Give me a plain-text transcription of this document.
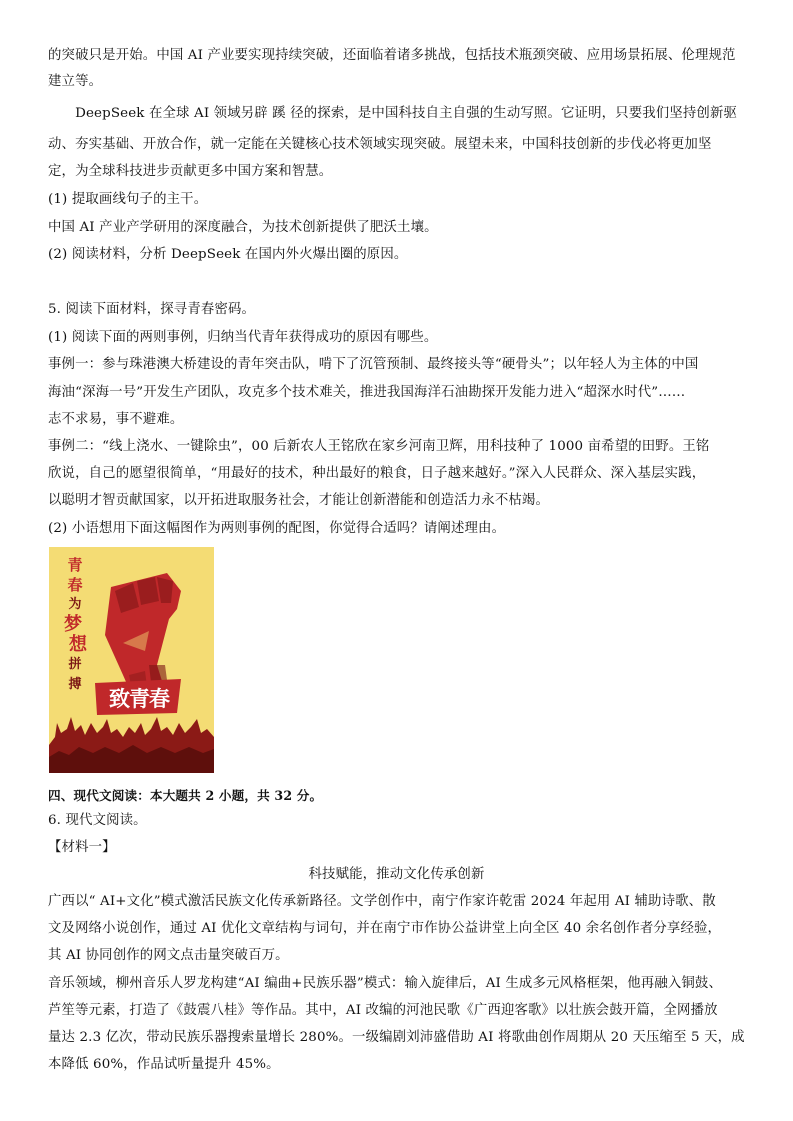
的突破只是开始。中国 AI 产业要实现持续突破，还面临着诸多挑战，包括技术瓶颈突破、应用场景拓展、伦理规范
建立等。
　　DeepSeek 在全球 AI 领域另辟 蹊 径的探索，是中国科技自主自强的生动写照。它证明，只要我们坚持创新驱
动、夯实基础、开放合作，就一定能在关键核心技术领域实现突破。展望未来，中国科技创新的步伐必将更加坚
定，为全球科技进步贡献更多中国方案和智慧。
(1) 提取画线句子的主干。
中国 AI 产业产学研用的深度融合，为技术创新提供了肥沃土壤。
(2) 阅读材料，分析 DeepSeek 在国内外火爆出圈的原因。
5. 阅读下面材料，探寻青春密码。
(1) 阅读下面的两则事例，归纳当代青年获得成功的原因有哪些。
事例一：参与珠港澳大桥建设的青年突击队，啃下了沉管预制、最终接头等“硬骨头”；以年轻人为主体的中国
海油“深海一号”开发生产团队，攻克多个技术难关，推进我国海洋石油勘探开发能力进入“超深水时代”……
志不求易，事不避难。
事例二：“线上浇水、一键除虫”，00 后新农人王铭欣在家乡河南卫辉，用科技种了 1000 亩希望的田野。王铭
欣说，自己的愿望很简单，“用最好的技术，种出最好的粮食，日子越来越好。”深入人民群众、深入基层实践，
以聪明才智贡献国家，以开拓进取服务社会，才能让创新潜能和创造活力永不枯竭。
(2) 小语想用下面这幅图作为两则事例的配图，你觉得合适吗？请阐述理由。
青
春
为
梦
想
拼
搏
致青春
四、现代文阅读：本大题共 2 小题，共 32 分。
6. 现代文阅读。
【材料一】
科技赋能，推动文化传承创新
广西以“ AI+文化”模式激活民族文化传承新路径。文学创作中，南宁作家许乾雷 2024 年起用 AI 辅助诗歌、散
文及网络小说创作，通过 AI 优化文章结构与词句，并在南宁市作协公益讲堂上向全区 40 余名创作者分享经验，
其 AI 协同创作的网文点击量突破百万。
音乐领域，柳州音乐人罗龙构建“AI 编曲+民族乐器”模式：输入旋律后，AI 生成多元风格框架，他再融入铜鼓、
芦笙等元素，打造了《鼓震八桂》等作品。其中，AI 改编的河池民歌《广西迎客歌》以壮族会鼓开篇，全网播放
量达 2.3 亿次，带动民族乐器搜索量增长 280%。一级编剧刘沛盛借助 AI 将歌曲创作周期从 20 天压缩至 5 天，成
本降低 60%，作品试听量提升 45%。
